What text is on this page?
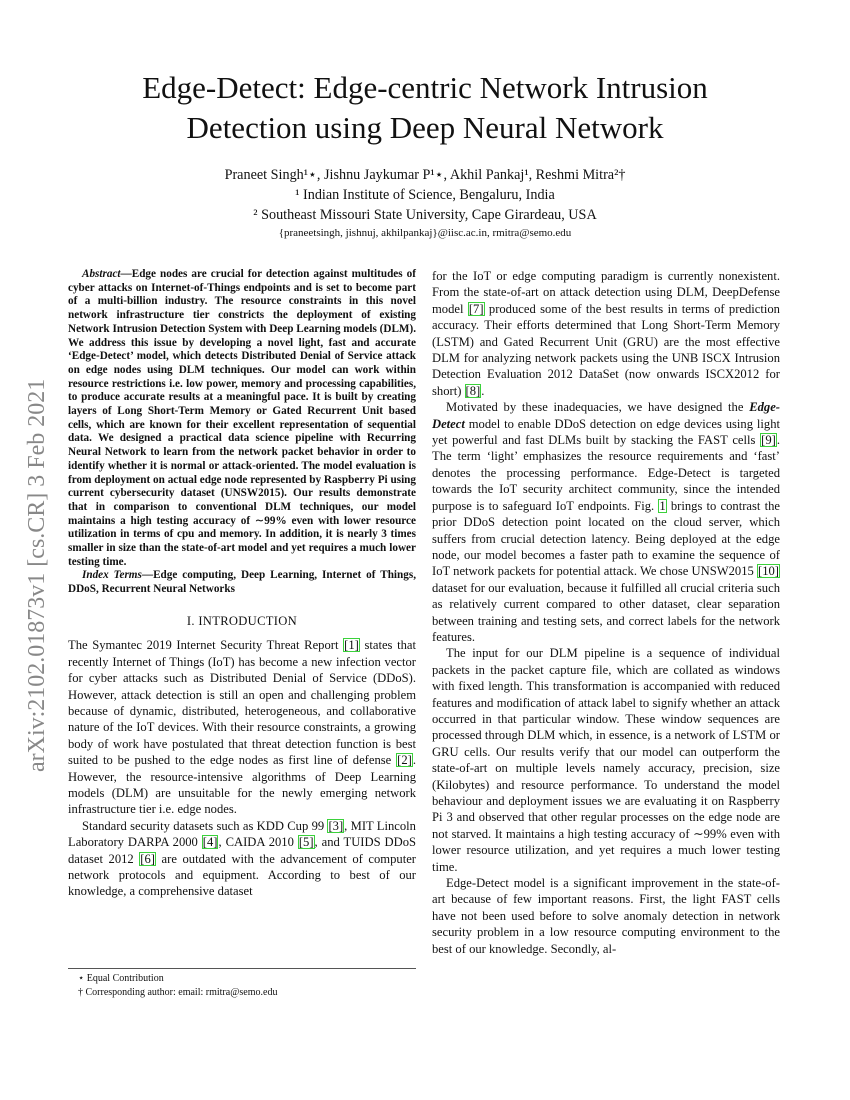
arXiv:2102.01873v1 [cs.CR] 3 Feb 2021
Edge-Detect: Edge-centric Network Intrusion Detection using Deep Neural Network
Praneet Singh¹⋆, Jishnu Jaykumar P¹⋆, Akhil Pankaj¹, Reshmi Mitra²†
¹ Indian Institute of Science, Bengaluru, India
² Southeast Missouri State University, Cape Girardeau, USA
{praneetsingh, jishnuj, akhilpankaj}@iisc.ac.in, rmitra@semo.edu

Abstract—Edge nodes are crucial for detection against multitudes of cyber attacks on Internet-of-Things endpoints and is set to become part of a multi-billion industry. The resource constraints in this novel network infrastructure tier constricts the deployment of existing Network Intrusion Detection System with Deep Learning models (DLM). We address this issue by developing a novel light, fast and accurate ‘Edge-Detect’ model, which detects Distributed Denial of Service attack on edge nodes using DLM techniques. Our model can work within resource restrictions i.e. low power, memory and processing capabilities, to produce accurate results at a meaningful pace. It is built by creating layers of Long Short-Term Memory or Gated Recurrent Unit based cells, which are known for their excellent representation of sequential data. We designed a practical data science pipeline with Recurring Neural Network to learn from the network packet behavior in order to identify whether it is normal or attack-oriented. The model evaluation is from deployment on actual edge node represented by Raspberry Pi using current cybersecurity dataset (UNSW2015). Our results demonstrate that in comparison to conventional DLM techniques, our model maintains a high testing accuracy of ∼99% even with lower resource utilization in terms of cpu and memory. In addition, it is nearly 3 times smaller in size than the state-of-art model and yet requires a much lower testing time.

Index Terms—Edge computing, Deep Learning, Internet of Things, DDoS, Recurrent Neural Networks

I. INTRODUCTION

The Symantec 2019 Internet Security Threat Report [1] states that recently Internet of Things (IoT) has become a new infection vector for cyber attacks such as Distributed Denial of Service (DDoS). However, attack detection is still an open and challenging problem because of dynamic, distributed, heterogeneous, and collaborative nature of the IoT devices. With their resource constraints, a growing body of work have postulated that threat detection function is best suited to be pushed to the edge nodes as first line of defense [2]. However, the resource-intensive algorithms of Deep Learning models (DLM) are unsuitable for the newly emerging network infrastructure tier i.e. edge nodes.

Standard security datasets such as KDD Cup 99 [3], MIT Lincoln Laboratory DARPA 2000 [4], CAIDA 2010 [5], and TUIDS DDoS dataset 2012 [6] are outdated with the advancement of computer network protocols and equipment. According to best of our knowledge, a comprehensive dataset

⋆ Equal Contribution
† Corresponding author: email: rmitra@semo.edu

for the IoT or edge computing paradigm is currently nonexistent. From the state-of-art on attack detection using DLM, DeepDefense model [7] produced some of the best results in terms of prediction accuracy. Their efforts determined that Long Short-Term Memory (LSTM) and Gated Recurrent Unit (GRU) are the most effective DLM for analyzing network packets using the UNB ISCX Intrusion Detection Evaluation 2012 DataSet (now onwards ISCX2012 for short) [8].

Motivated by these inadequacies, we have designed the Edge-Detect model to enable DDoS detection on edge devices using light yet powerful and fast DLMs built by stacking the FAST cells [9]. The term ‘light’ emphasizes the resource requirements and ‘fast’ denotes the processing performance. Edge-Detect is targeted towards the IoT security architect community, since the intended purpose is to safeguard IoT endpoints. Fig. 1 brings to contrast the prior DDoS detection point located on the cloud server, which suffers from crucial detection latency. Being deployed at the edge node, our model becomes a faster path to examine the sequence of IoT network packets for potential attack. We chose UNSW2015 [10] dataset for our evaluation, because it fulfilled all crucial criteria such as relatively current compared to other dataset, clear separation between training and testing sets, and correct labels for the network features.

The input for our DLM pipeline is a sequence of individual packets in the packet capture file, which are collated as windows with fixed length. This transformation is accompanied with reduced features and modification of attack label to signify whether an attack occurred in that particular window. These window sequences are processed through DLM which, in essence, is a network of LSTM or GRU cells. Our results verify that our model can outperform the state-of-art on multiple levels namely accuracy, precision, size (Kilobytes) and resource performance. To understand the model behaviour and deployment issues we are evaluating it on Raspberry Pi 3 and observed that other regular processes on the edge node are not starved. It maintains a high testing accuracy of ∼99% even with lower resource utilization, and yet requires a much lower testing time.

Edge-Detect model is a significant improvement in the state-of-art because of few important reasons. First, the light FAST cells have not been used before to solve anomaly detection in network security problem in a low resource computing environment to the best of our knowledge. Secondly, al-
